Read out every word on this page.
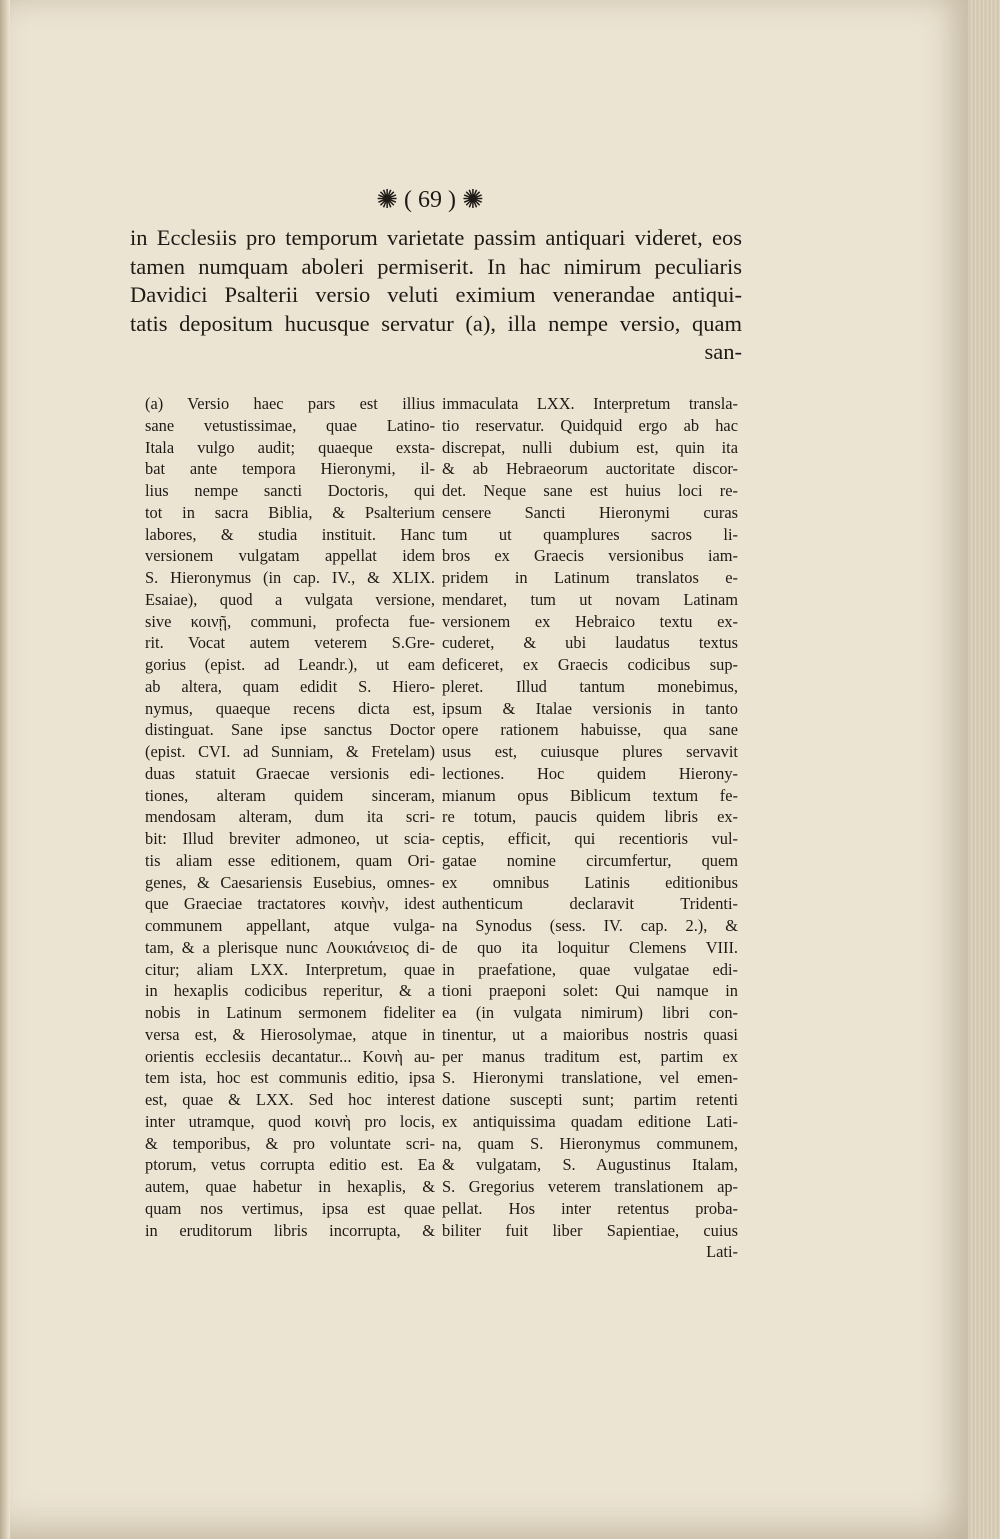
✺ ( 69 ) ✺
in Ecclesiis pro temporum varietate passim antiquari videret, eos
tamen numquam aboleri permiserit. In hac nimirum peculiaris
Davidici Psalterii versio veluti eximium venerandae antiqui-
tatis depositum hucusque servatur (a), illa nempe versio, quam
san-
(a) Versio haec pars est illius
sane vetustissimae, quae Latino-
Itala vulgo audit; quaeque exsta-
bat ante tempora Hieronymi, il-
lius nempe sancti Doctoris, qui
tot in sacra Biblia, & Psalterium
labores, & studia instituit. Hanc
versionem vulgatam appellat idem
S. Hieronymus (in cap. IV., & XLIX.
Esaiae), quod a vulgata versione,
sive κοινῇ, communi, profecta fue-
rit. Vocat autem veterem S.Gre-
gorius (epist. ad Leandr.), ut eam
ab altera, quam edidit S. Hiero-
nymus, quaeque recens dicta est,
distinguat. Sane ipse sanctus Doctor
(epist. CVI. ad Sunniam, & Fretelam)
duas statuit Graecae versionis edi-
tiones, alteram quidem sinceram,
mendosam alteram, dum ita scri-
bit: Illud breviter admoneo, ut scia-
tis aliam esse editionem, quam Ori-
genes, & Caesariensis Eusebius, omnes-
que Graeciae tractatores κοινὴν, idest
communem appellant, atque vulga-
tam, & a plerisque nunc Λουκιάνειος di-
citur; aliam LXX. Interpretum, quae
in hexaplis codicibus reperitur, & a
nobis in Latinum sermonem fideliter
versa est, & Hierosolymae, atque in
orientis ecclesiis decantatur... Κοινὴ au-
tem ista, hoc est communis editio, ipsa
est, quae & LXX. Sed hoc interest
inter utramque, quod κοινὴ pro locis,
& temporibus, & pro voluntate scri-
ptorum, vetus corrupta editio est. Ea
autem, quae habetur in hexaplis, &
quam nos vertimus, ipsa est quae
in eruditorum libris incorrupta, &
immaculata LXX. Interpretum transla-
tio reservatur. Quidquid ergo ab hac
discrepat, nulli dubium est, quin ita
& ab Hebraeorum auctoritate discor-
det. Neque sane est huius loci re-
censere Sancti Hieronymi curas
tum ut quamplures sacros li-
bros ex Graecis versionibus iam-
pridem in Latinum translatos e-
mendaret, tum ut novam Latinam
versionem ex Hebraico textu ex-
cuderet, & ubi laudatus textus
deficeret, ex Graecis codicibus sup-
pleret. Illud tantum monebimus,
ipsum & Italae versionis in tanto
opere rationem habuisse, qua sane
usus est, cuiusque plures servavit
lectiones. Hoc quidem Hierony-
mianum opus Biblicum textum fe-
re totum, paucis quidem libris ex-
ceptis, efficit, qui recentioris vul-
gatae nomine circumfertur, quem
ex omnibus Latinis editionibus
authenticum declaravit Tridenti-
na Synodus (sess. IV. cap. 2.), &
de quo ita loquitur Clemens VIII.
in praefatione, quae vulgatae edi-
tioni praeponi solet: Qui namque in
ea (in vulgata nimirum) libri con-
tinentur, ut a maioribus nostris quasi
per manus traditum est, partim ex
S. Hieronymi translatione, vel emen-
datione suscepti sunt; partim retenti
ex antiquissima quadam editione Lati-
na, quam S. Hieronymus communem,
& vulgatam, S. Augustinus Italam,
S. Gregorius veterem translationem ap-
pellat. Hos inter retentus proba-
biliter fuit liber Sapientiae, cuius
Lati-
